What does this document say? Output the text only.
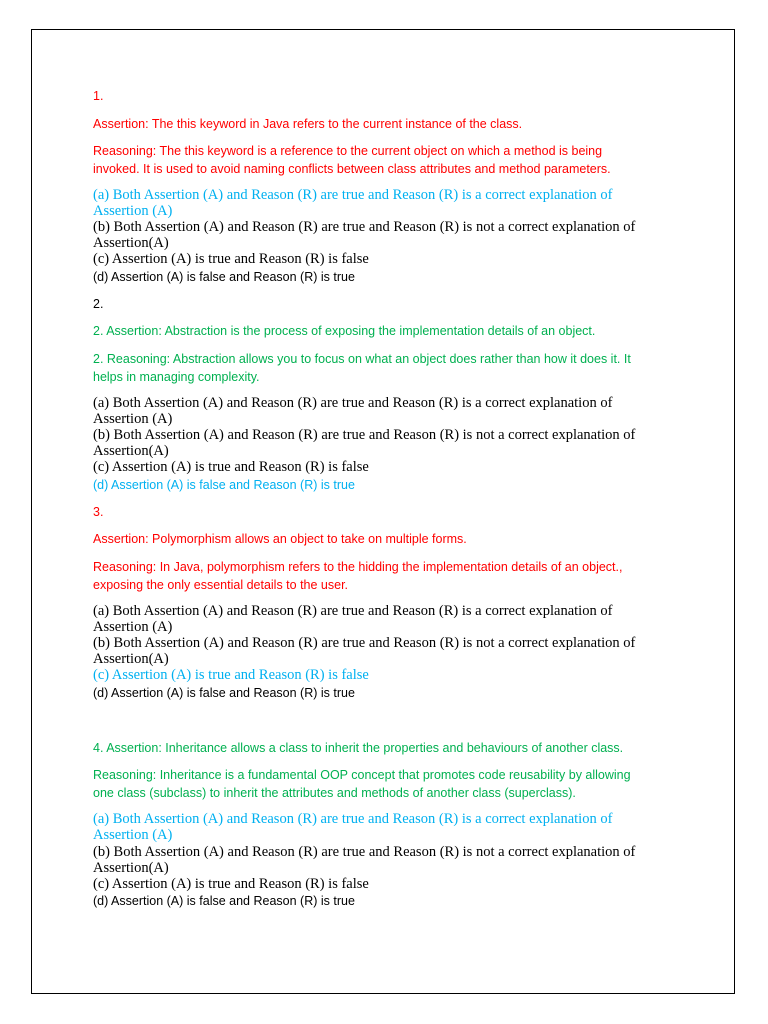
1.
Assertion: The this keyword in Java refers to the current instance of the class.
Reasoning: The this keyword is a reference to the current object on which a method is being
invoked. It is used to avoid naming conflicts between class attributes and method parameters.
(a) Both Assertion (A) and Reason (R) are true and Reason (R) is a correct explanation of
Assertion (A)
(b) Both Assertion (A) and Reason (R) are true and Reason (R) is not a correct explanation of
Assertion(A)
(c) Assertion (A) is true and Reason (R) is false
(d) Assertion (A) is false and Reason (R) is true
2.
2. Assertion: Abstraction is the process of exposing the implementation details of an object.
2. Reasoning: Abstraction allows you to focus on what an object does rather than how it does it. It
helps in managing complexity.
(a) Both Assertion (A) and Reason (R) are true and Reason (R) is a correct explanation of
Assertion (A)
(b) Both Assertion (A) and Reason (R) are true and Reason (R) is not a correct explanation of
Assertion(A)
(c) Assertion (A) is true and Reason (R) is false
(d) Assertion (A) is false and Reason (R) is true
3.
Assertion: Polymorphism allows an object to take on multiple forms.
Reasoning: In Java, polymorphism refers to the hidding the implementation details of an object.,
exposing the only essential details to the user.
(a) Both Assertion (A) and Reason (R) are true and Reason (R) is a correct explanation of
Assertion (A)
(b) Both Assertion (A) and Reason (R) are true and Reason (R) is not a correct explanation of
Assertion(A)
(c) Assertion (A) is true and Reason (R) is false
(d) Assertion (A) is false and Reason (R) is true
4. Assertion: Inheritance allows a class to inherit the properties and behaviours of another class.
Reasoning: Inheritance is a fundamental OOP concept that promotes code reusability by allowing
one class (subclass) to inherit the attributes and methods of another class (superclass).
(a) Both Assertion (A) and Reason (R) are true and Reason (R) is a correct explanation of
Assertion (A)
(b) Both Assertion (A) and Reason (R) are true and Reason (R) is not a correct explanation of
Assertion(A)
(c) Assertion (A) is true and Reason (R) is false
(d) Assertion (A) is false and Reason (R) is true
